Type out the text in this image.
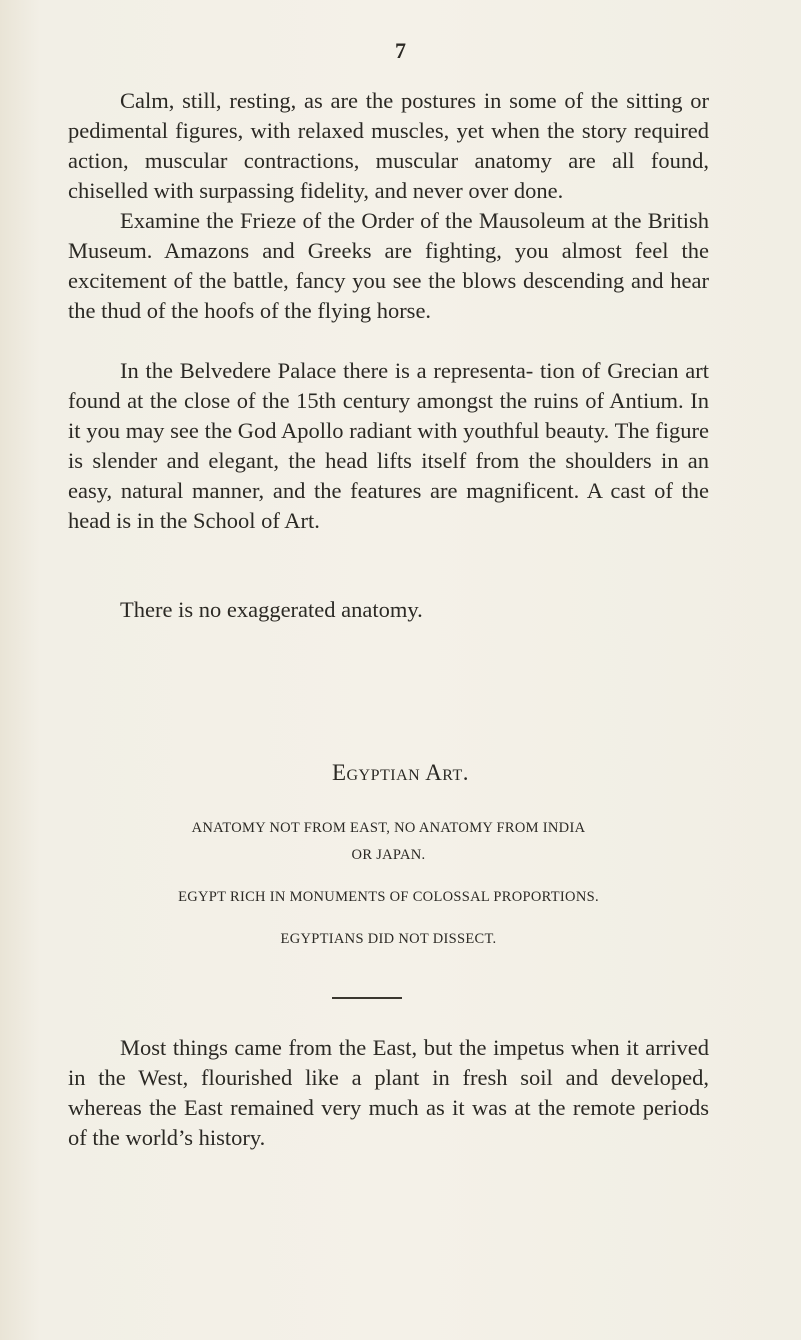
7

Calm, still, resting, as are the postures in some of the sitting or pedimental figures, with relaxed muscles, yet when the story required action, muscular contractions, muscular anatomy are all found, chiselled with surpassing fidelity, and never over done.

Examine the Frieze of the Order of the Mausoleum at the British Museum. Amazons and Greeks are fighting, you almost feel the excitement of the battle, fancy you see the blows descending and hear the thud of the hoofs of the flying horse.

In the Belvedere Palace there is a representa- tion of Grecian art found at the close of the 15th century amongst the ruins of Antium. In it you may see the God Apollo radiant with youthful beauty. The figure is slender and elegant, the head lifts itself from the shoulders in an easy, natural manner, and the features are magnificent. A cast of the head is in the School of Art.

There is no exaggerated anatomy.

Egyptian Art.
ANATOMY NOT FROM EAST, NO ANATOMY FROM INDIA
OR JAPAN.
EGYPT RICH IN MONUMENTS OF COLOSSAL PROPORTIONS.
EGYPTIANS DID NOT DISSECT.

Most things came from the East, but the impetus when it arrived in the West, flourished like a plant in fresh soil and developed, whereas the East remained very much as it was at the remote periods of the world’s history.
